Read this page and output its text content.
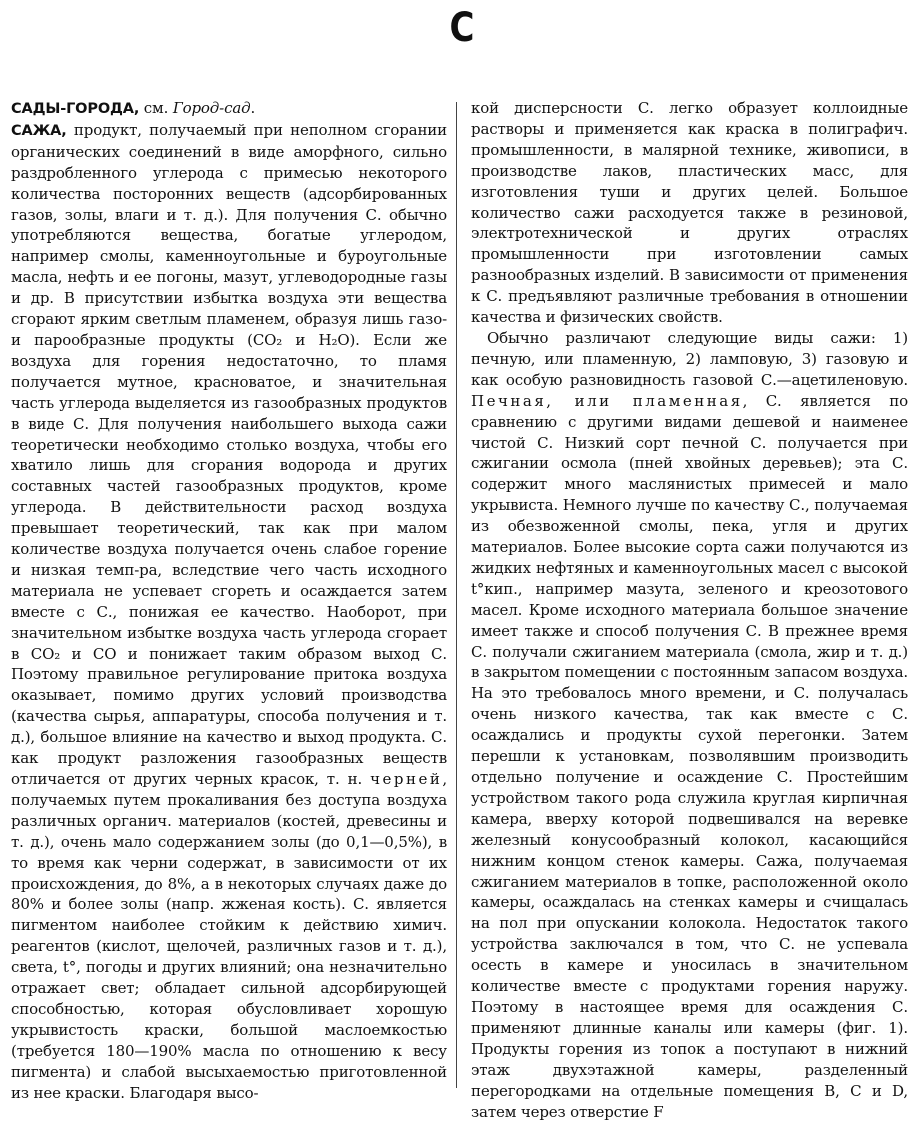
С

САДЫ-ГОРОДА, см. Город-сад.

САЖА, продукт, получаемый при неполном сгорании органических соединений в виде аморфного, сильно раздробленного углерода с примесью некоторого количества посторонних веществ (адсорбированных газов, золы, влаги и т. д.). Для получения С. обычно употребляются вещества, богатые углеродом, например смолы, каменноугольные и буроугольные масла, нефть и ее погоны, мазут, углеводородные газы и др. В присутствии избытка воздуха эти вещества сгорают ярким светлым пламенем, образуя лишь газо- и парообразные продукты (CO₂ и H₂O). Если же воздуха для горения недостаточно, то пламя получается мутное, красноватое, и значительная часть углерода выделяется из газообразных продуктов в виде С. Для получения наибольшего выхода сажи теоретически необходимо столько воздуха, чтобы его хватило лишь для сгорания водорода и других составных частей газообразных продуктов, кроме углерода. В действительности расход воздуха превышает теоретический, так как при малом количестве воздуха получается очень слабое горение и низкая темп-ра, вследствие чего часть исходного материала не успевает сгореть и осаждается затем вместе с С., понижая ее качество. Наоборот, при значительном избытке воздуха часть углерода сгорает в CO₂ и CO и понижает таким образом выход С. Поэтому правильное регулирование притока воздуха оказывает, помимо других условий производства (качества сырья, аппаратуры, способа получения и т. д.), большое влияние на качество и выход продукта. С. как продукт разложения газообразных веществ отличается от других черных красок, т. н. черней, получаемых путем прокаливания без доступа воздуха различных органич. материалов (костей, древесины и т. д.), очень мало содержанием золы (до 0,1—0,5%), в то время как черни содержат, в зависимости от их происхождения, до 8%, а в некоторых случаях даже до 80% и более золы (напр. жженая кость). С. является пигментом наиболее стойким к действию химич. реагентов (кислот, щелочей, различных газов и т. д.), света, t°, погоды и других влияний; она незначительно отражает свет; обладает сильной адсорбирующей способностью, которая обусловливает хорошую укрывистость краски, большой маслоемкостью (требуется 180—190% масла по отношению к весу пигмента) и слабой высыхаемостью приготовленной из нее краски. Благодаря высо-

кой дисперсности С. легко образует коллоидные растворы и применяется как краска в полиграфич. промышленности, в малярной технике, живописи, в производстве лаков, пластических масс, для изготовления туши и других целей. Большое количество сажи расходуется также в резиновой, электротехнической и других отраслях промышленности при изготовлении самых разнообразных изделий. В зависимости от применения к С. предъявляют различные требования в отношении качества и физических свойств.

Обычно различают следующие виды сажи: 1) печную, или пламенную, 2) ламповую, 3) газовую и как особую разновидность газовой С.—ацетиленовую. Печная, или пламенная, С. является по сравнению с другими видами дешевой и наименее чистой С. Низкий сорт печной С. получается при сжигании осмола (пней хвойных деревьев); эта С. содержит много маслянистых примесей и мало укрывиста. Немного лучше по качеству С., получаемая из обезвоженной смолы, пека, угля и других материалов. Более высокие сорта сажи получаются из жидких нефтяных и каменноугольных масел с высокой t°кип., например мазута, зеленого и креозотового масел. Кроме исходного материала большое значение имеет также и способ получения С. В прежнее время С. получали сжиганием материала (смола, жир и т. д.) в закрытом помещении с постоянным запасом воздуха. На это требовалось много времени, и С. получалась очень низкого качества, так как вместе с С. осаждались и продукты сухой перегонки. Затем перешли к установкам, позволявшим производить отдельно получение и осаждение С. Простейшим устройством такого рода служила круглая кирпичная камера, вверху которой подвешивался на веревке железный конусообразный колокол, касающийся нижним концом стенок камеры. Сажа, получаемая сжиганием материалов в топке, расположенной около камеры, осаждалась на стенках камеры и счищалась на пол при опускании колокола. Недостаток такого устройства заключался в том, что С. не успевала осесть в камере и уносилась в значительном количестве вместе с продуктами горения наружу. Поэтому в настоящее время для осаждения С. применяют длинные каналы или камеры (фиг. 1). Продукты горения из топок a поступают в нижний этаж двухэтажной камеры, разделенный перегородками на отдельные помещения B, C и D, затем через отверстие F
